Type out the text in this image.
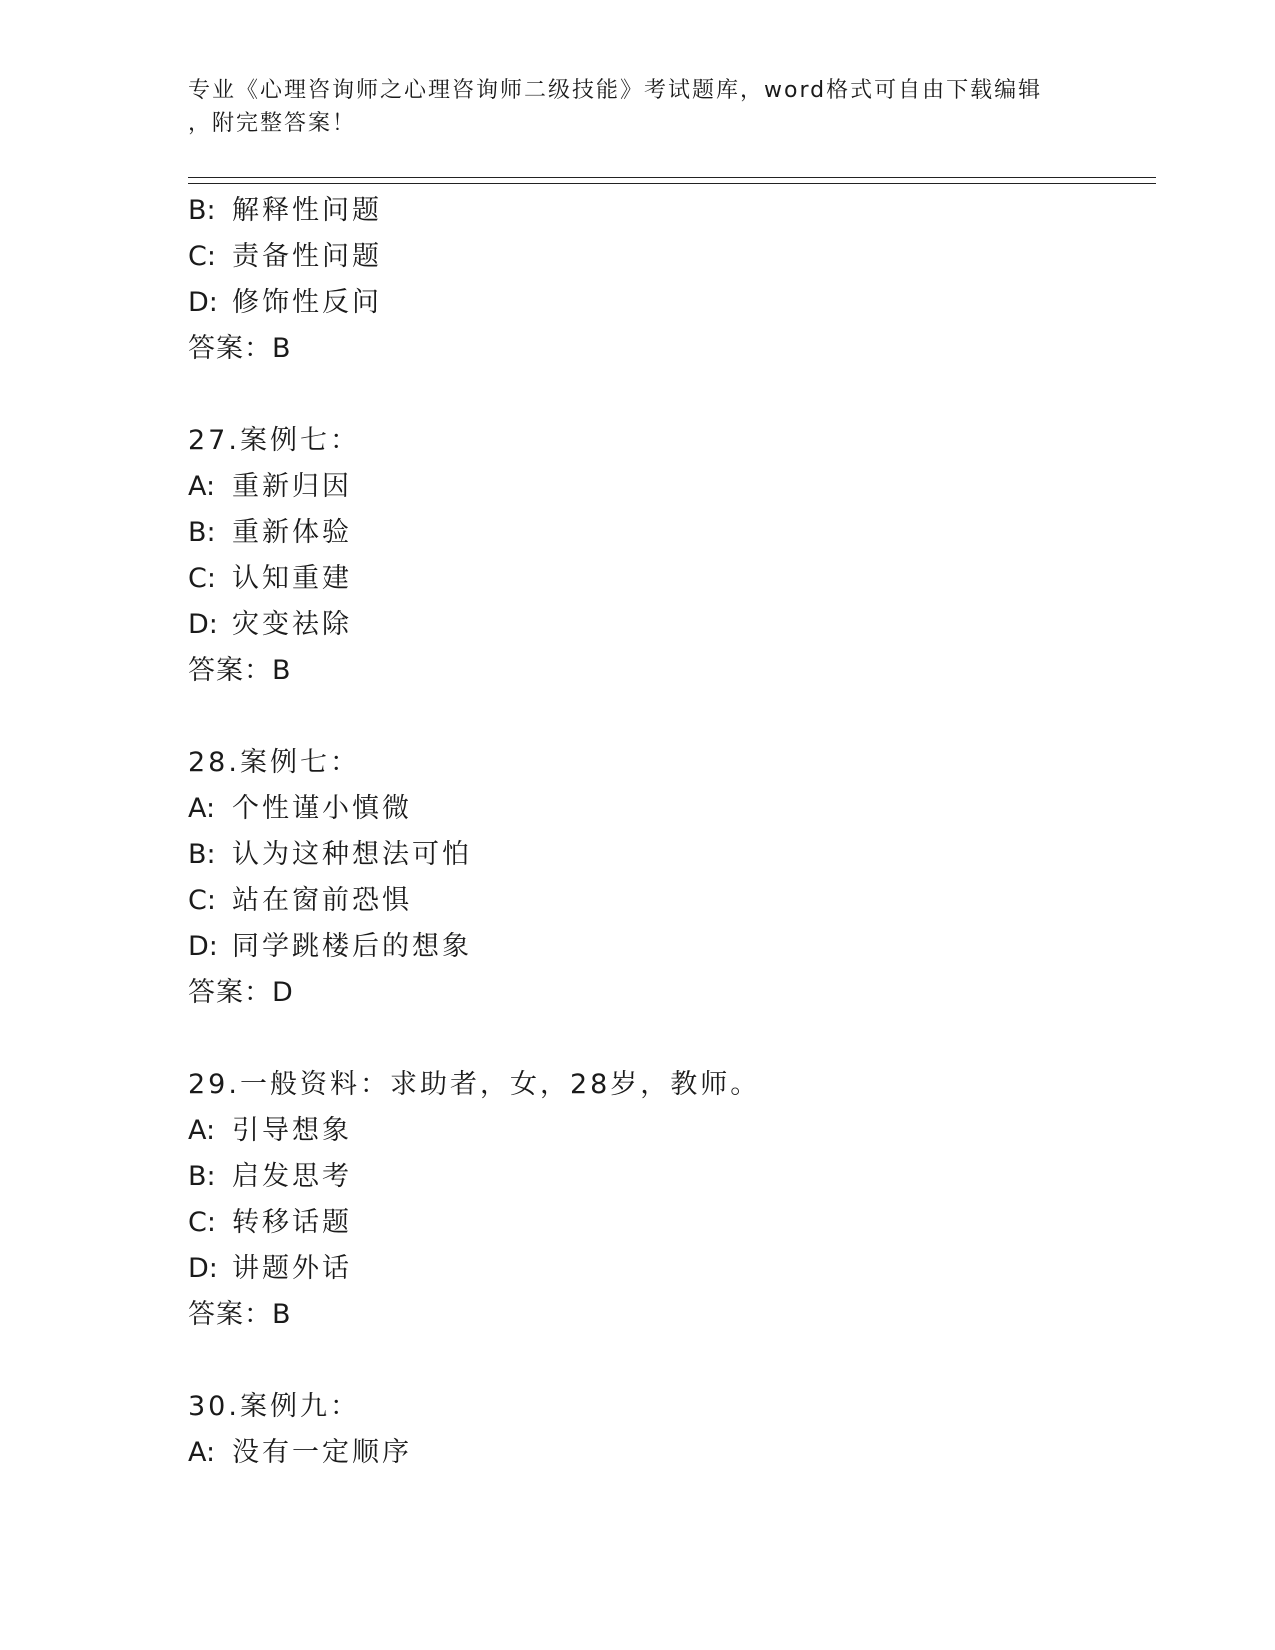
专业《心理咨询师之心理咨询师二级技能》考试题库，word格式可自由下载编辑
，附完整答案！
B: 解释性问题
C: 责备性问题
D: 修饰性反问
答案：B
27.案例七：
A: 重新归因
B: 重新体验
C: 认知重建
D: 灾变祛除
答案：B
28.案例七：
A: 个性谨小慎微
B: 认为这种想法可怕
C: 站在窗前恐惧
D: 同学跳楼后的想象
答案：D
29.一般资料：求助者，女，28岁，教师。
A: 引导想象
B: 启发思考
C: 转移话题
D: 讲题外话
答案：B
30.案例九：
A: 没有一定顺序
